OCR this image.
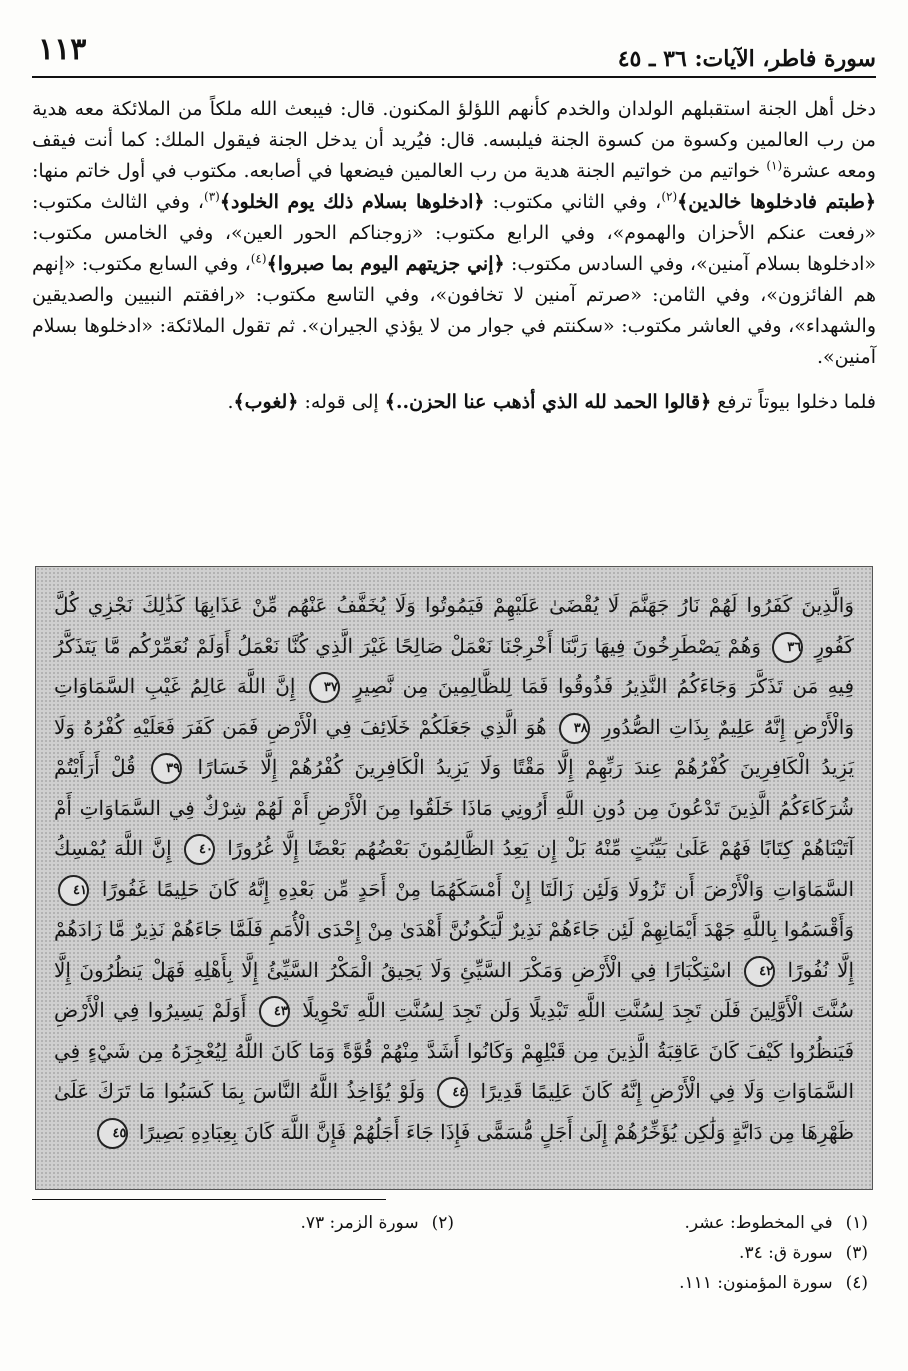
سورة فاطر، الآيات: ٣٦ ـ ٤٥
١١٣

دخل أهل الجنة استقبلهم الولدان والخدم كأنهم اللؤلؤ المكنون. قال: فيبعث الله ملكاً من الملائكة معه هدية من رب العالمين وكسوة من كسوة الجنة فيلبسه. قال: فيُريد أن يدخل الجنة فيقول الملك: كما أنت فيقف ومعه عشرة$^{(١)}$ خواتيم من خواتيم الجنة هدية من رب العالمين فيضعها في أصابعه. مكتوب في أول خاتم منها: ﴿طبتم فادخلوها خالدين﴾$^{(٢)}$، وفي الثاني مكتوب: ﴿ادخلوها بسلام ذلك يوم الخلود﴾$^{(٣)}$، وفي الثالث مكتوب: «رفعت عنكم الأحزان والهموم»، وفي الرابع مكتوب: «زوجناكم الحور العين»، وفي الخامس مكتوب: «ادخلوها بسلام آمنين»، وفي السادس مكتوب: ﴿إني جزيتهم اليوم بما صبروا﴾$^{(٤)}$، وفي السابع مكتوب: «إنهم هم الفائزون»، وفي الثامن: «صرتم آمنين لا تخافون»، وفي التاسع مكتوب: «رافقتم النبيين والصديقين والشهداء»، وفي العاشر مكتوب: «سكنتم في جوار من لا يؤذي الجيران». ثم تقول الملائكة: «ادخلوها بسلام آمنين».

فلما دخلوا بيوتاً ترفع ﴿قالوا الحمد لله الذي أذهب عنا الحزن..﴾ إلى قوله: ﴿لغوب﴾.

وَالَّذِينَ كَفَرُوا لَهُمْ نَارُ جَهَنَّمَ لَا يُقْضَىٰ عَلَيْهِمْ فَيَمُوتُوا وَلَا يُخَفَّفُ عَنْهُم مِّنْ عَذَابِهَا كَذَٰلِكَ نَجْزِي كُلَّ كَفُورٍ ٣٦ وَهُمْ يَصْطَرِخُونَ فِيهَا رَبَّنَا أَخْرِجْنَا نَعْمَلْ صَالِحًا غَيْرَ الَّذِي كُنَّا نَعْمَلُ أَوَلَمْ نُعَمِّرْكُم مَّا يَتَذَكَّرُ فِيهِ مَن تَذَكَّرَ وَجَاءَكُمُ النَّذِيرُ فَذُوقُوا فَمَا لِلظَّالِمِينَ مِن نَّصِيرٍ ٣٧ إِنَّ اللَّهَ عَالِمُ غَيْبِ السَّمَاوَاتِ وَالْأَرْضِ إِنَّهُ عَلِيمٌ بِذَاتِ الصُّدُورِ ٣٨ هُوَ الَّذِي جَعَلَكُمْ خَلَائِفَ فِي الْأَرْضِ فَمَن كَفَرَ فَعَلَيْهِ كُفْرُهُ وَلَا يَزِيدُ الْكَافِرِينَ كُفْرُهُمْ عِندَ رَبِّهِمْ إِلَّا مَقْتًا وَلَا يَزِيدُ الْكَافِرِينَ كُفْرُهُمْ إِلَّا خَسَارًا ٣٩ قُلْ أَرَأَيْتُمْ شُرَكَاءَكُمُ الَّذِينَ تَدْعُونَ مِن دُونِ اللَّهِ أَرُونِي مَاذَا خَلَقُوا مِنَ الْأَرْضِ أَمْ لَهُمْ شِرْكٌ فِي السَّمَاوَاتِ أَمْ آتَيْنَاهُمْ كِتَابًا فَهُمْ عَلَىٰ بَيِّنَتٍ مِّنْهُ بَلْ إِن يَعِدُ الظَّالِمُونَ بَعْضُهُم بَعْضًا إِلَّا غُرُورًا ٤٠ إِنَّ اللَّهَ يُمْسِكُ السَّمَاوَاتِ وَالْأَرْضَ أَن تَزُولَا وَلَئِن زَالَتَا إِنْ أَمْسَكَهُمَا مِنْ أَحَدٍ مِّن بَعْدِهِ إِنَّهُ كَانَ حَلِيمًا غَفُورًا ٤١ وَأَقْسَمُوا بِاللَّهِ جَهْدَ أَيْمَانِهِمْ لَئِن جَاءَهُمْ نَذِيرٌ لَّيَكُونُنَّ أَهْدَىٰ مِنْ إِحْدَى الْأُمَمِ فَلَمَّا جَاءَهُمْ نَذِيرٌ مَّا زَادَهُمْ إِلَّا نُفُورًا ٤٢ اسْتِكْبَارًا فِي الْأَرْضِ وَمَكْرَ السَّيِّئِ وَلَا يَحِيقُ الْمَكْرُ السَّيِّئُ إِلَّا بِأَهْلِهِ فَهَلْ يَنظُرُونَ إِلَّا سُنَّتَ الْأَوَّلِينَ فَلَن تَجِدَ لِسُنَّتِ اللَّهِ تَبْدِيلًا وَلَن تَجِدَ لِسُنَّتِ اللَّهِ تَحْوِيلًا ٤٣ أَوَلَمْ يَسِيرُوا فِي الْأَرْضِ فَيَنظُرُوا كَيْفَ كَانَ عَاقِبَةُ الَّذِينَ مِن قَبْلِهِمْ وَكَانُوا أَشَدَّ مِنْهُمْ قُوَّةً وَمَا كَانَ اللَّهُ لِيُعْجِزَهُ مِن شَيْءٍ فِي السَّمَاوَاتِ وَلَا فِي الْأَرْضِ إِنَّهُ كَانَ عَلِيمًا قَدِيرًا ٤٤ وَلَوْ يُؤَاخِذُ اللَّهُ النَّاسَ بِمَا كَسَبُوا مَا تَرَكَ عَلَىٰ ظَهْرِهَا مِن دَابَّةٍ وَلَٰكِن يُؤَخِّرُهُمْ إِلَىٰ أَجَلٍ مُّسَمًّى فَإِذَا جَاءَ أَجَلُهُمْ فَإِنَّ اللَّهَ كَانَ بِعِبَادِهِ بَصِيرًا ٤٥

(١) في المخطوط: عشر.
(٢) سورة الزمر: ٧٣.
(٣) سورة ق: ٣٤.
(٤) سورة المؤمنون: ١١١.
